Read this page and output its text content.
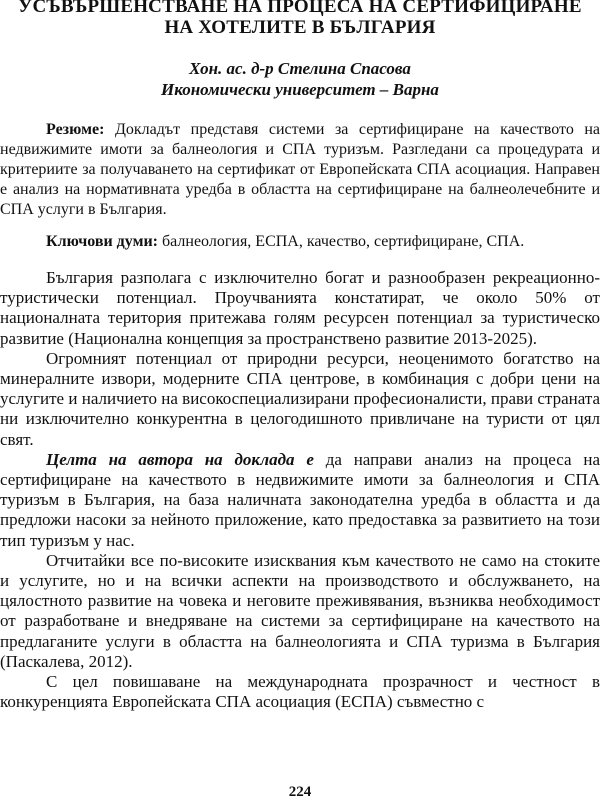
УСЪВЪРШЕНСТВАНЕ НА ПРОЦЕСА НА СЕРТИФИЦИРАНЕ
НА ХОТЕЛИТЕ В БЪЛГАРИЯ
Хон. ас. д-р Стелина Спасова
Икономически университет – Варна

Резюме: Докладът представя системи за сертифициране на качеството на недвижимите имоти за балнеология и СПА туризъм. Разгледани са процедурата и критериите за получаването на сертификат от Европейската СПА асоциация. Направен е анализ на нормативната уредба в областта на сертифициране на балнеолечебните и СПА услуги в България.

Ключови думи: балнеология, ЕСПА, качество, сертифициране, СПА.

България разполага с изключително богат и разнообразен рекреационно-туристически потенциал. Проучванията констатират, че около 50% от националната територия притежава голям ресурсен потенциал за туристическо развитие (Национална концепция за пространствено развитие 2013-2025).

Огромният потенциал от природни ресурси, неоценимото богатство на минералните извори, модерните СПА центрове, в комбинация с добри цени на услугите и наличието на високоспециализирани професионалисти, прави страната ни изключително конкурентна в целогодишното привличане на туристи от цял свят.

Целта на автора на доклада е да направи анализ на процеса на сертифициране на качеството в недвижимите имоти за балнеология и СПА туризъм в България, на база наличната законодателна уредба в областта и да предложи насоки за нейното приложение, като предоставка за развитието на този тип туризъм у нас.

Отчитайки все по-високите изисквания към качеството не само на стоките и услугите, но и на всички аспекти на производството и обслужването, на цялостното развитие на човека и неговите преживявания, възниква необходимост от разработване и внедряване на системи за сертифициране на качеството на предлаганите услуги в областта на балнеологията и СПА туризма в България (Паскалева, 2012).

С цел повишаване на международната прозрачност и честност в конкуренцията Европейската СПА асоциация (ЕСПА) съвместно с

224
